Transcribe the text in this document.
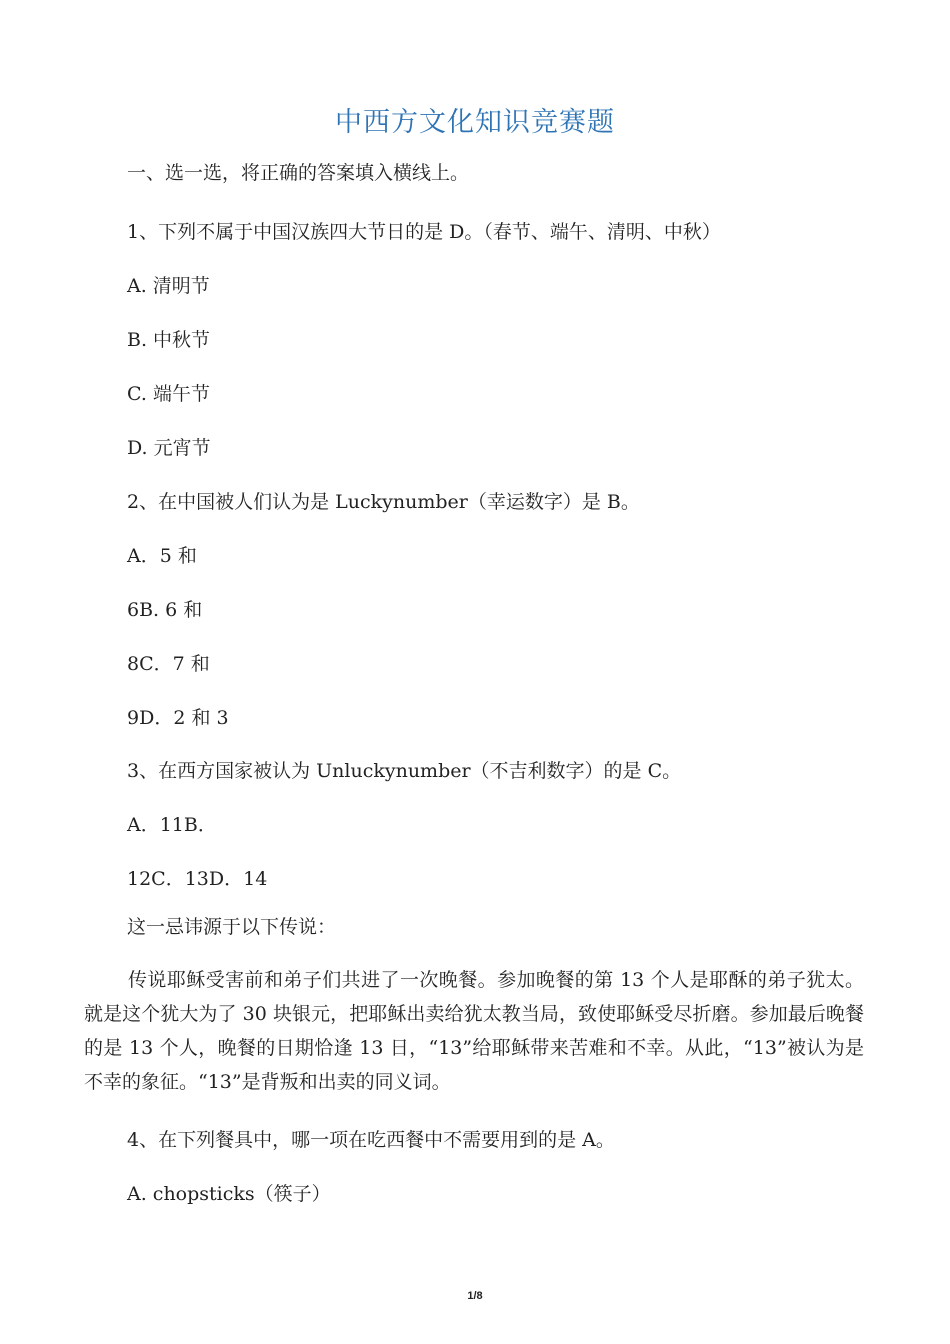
中西方文化知识竞赛题
一、选一选，将正确的答案填入横线上。
1、下列不属于中国汉族四大节日的是 D。（春节、端午、清明、中秋）
A. 清明节
B. 中秋节
C. 端午节
D. 元宵节
2、在中国被人们认为是 Luckynumber（幸运数字）是 B。
A．5 和
6B. 6 和
8C．7 和
9D．2 和 3
3、在西方国家被认为 Unluckynumber（不吉利数字）的是 C。
A．11B．
12C．13D．14
这一忌讳源于以下传说：
传说耶稣受害前和弟子们共进了一次晚餐。参加晚餐的第 13 个人是耶酥的弟子犹太。就是这个犹大为了 30 块银元，把耶稣出卖给犹太教当局，致使耶稣受尽折磨。参加最后晚餐的是 13 个人，晚餐的日期恰逢 13 日，“13”给耶稣带来苦难和不幸。从此，“13”被认为是不幸的象征。“13”是背叛和出卖的同义词。
4、在下列餐具中，哪一项在吃西餐中不需要用到的是 A。
A. chopsticks（筷子）
1/8
